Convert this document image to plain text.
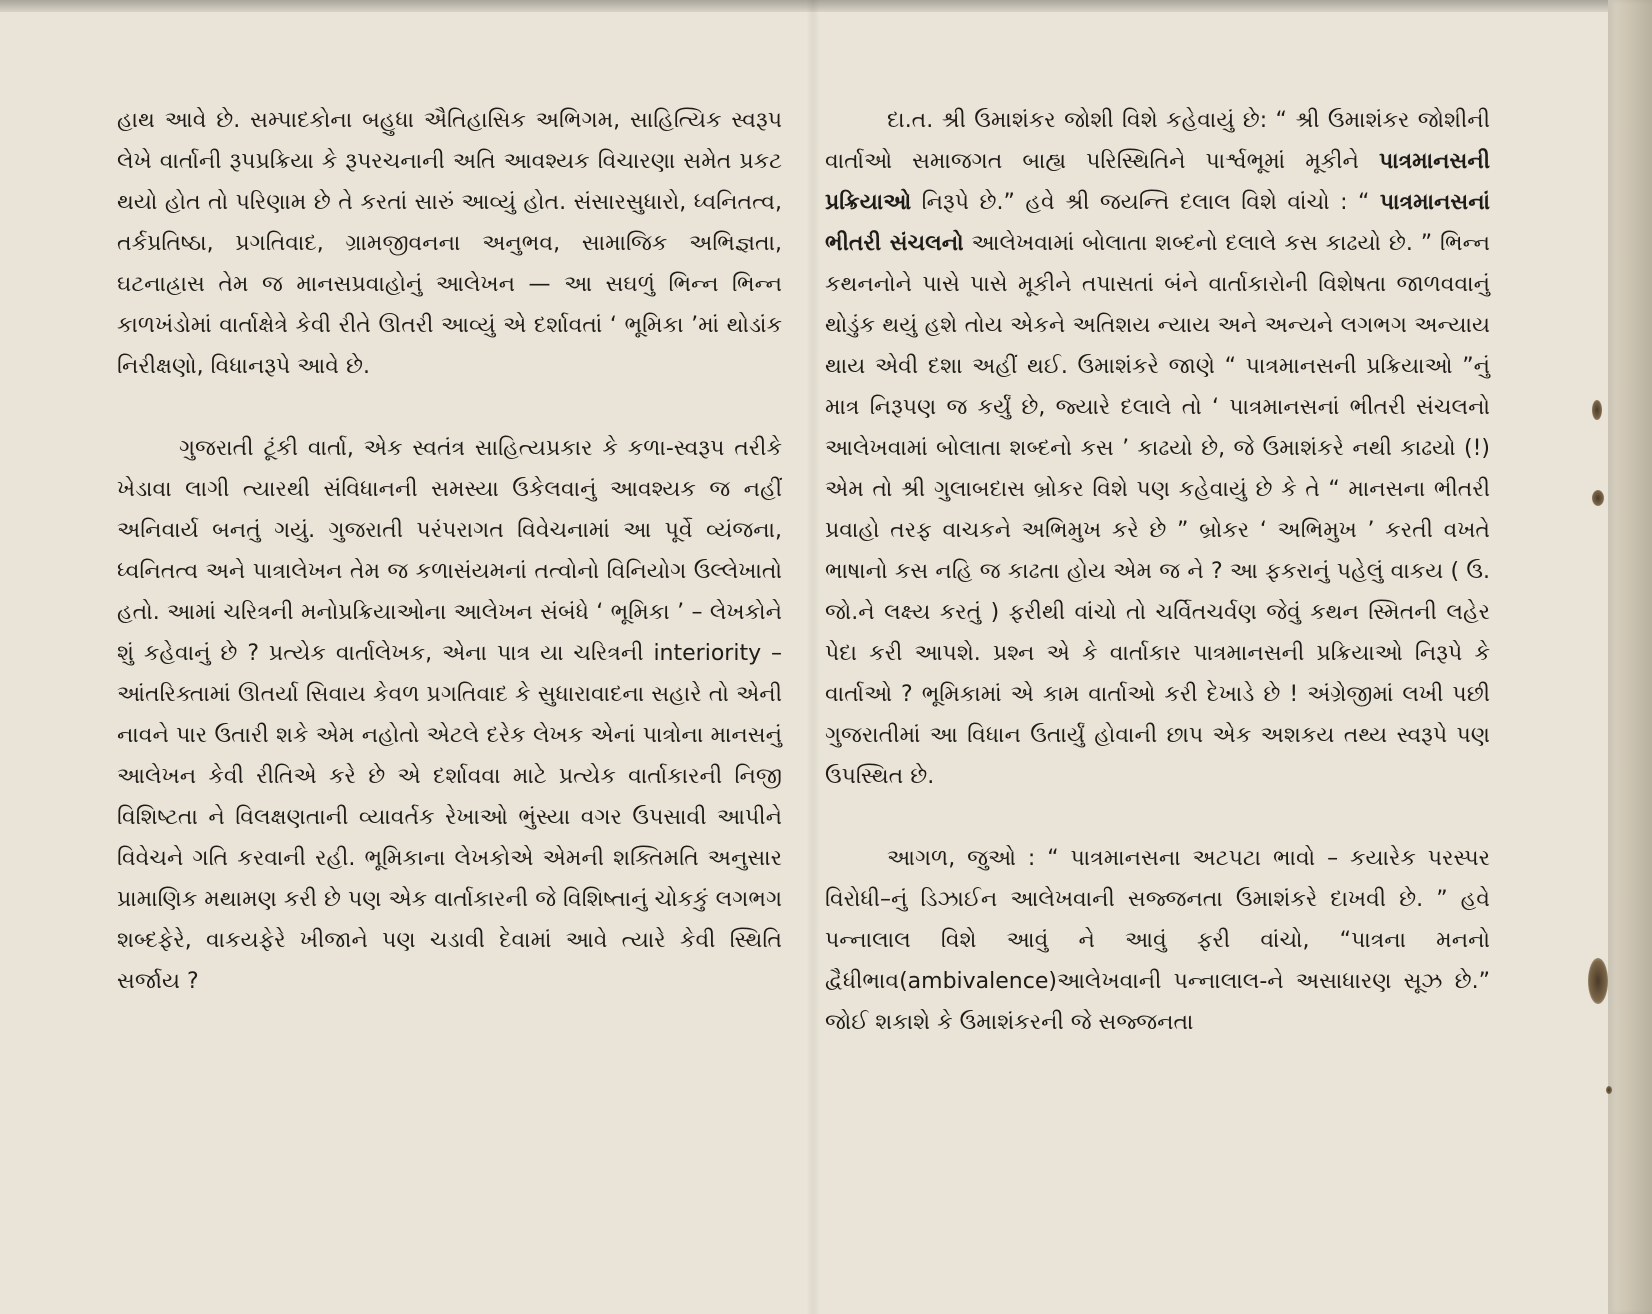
હાથ આવે છે. સમ્પાદકોના બહુધા ઐતિહાસિક અભિગમ, સાહિત્યિક સ્વરૂપ લેખે વાર્તાની રૂપપ્રક્રિયા કે રૂપરચનાની અતિ આવશ્યક વિચારણા સમેત પ્રકટ થયો હોત તો પરિણામ છે તે કરતાં સારું આવ્યું હોત. સંસારસુધારો, ધ્વનિતત્વ, તર્કપ્રતિષ્ઠા, પ્રગતિવાદ, ગ્રામજીવનના અનુભવ, સામાજિક અભિજ્ઞતા, ઘટનાહ્રાસ તેમ જ માનસપ્રવાહોનું આલેખન — આ સઘળું ભિન્ન ભિન્ન કાળખંડોમાં વાર્તાક્ષેત્રે કેવી રીતે ઊતરી આવ્યું એ દર્શાવતાં ‘ ભૂમિકા ’માં થોડાંક નિરીક્ષણો, વિધાનરૂપે આવે છે.

ગુજરાતી ટૂંકી વાર્તા, એક સ્વતંત્ર સાહિત્યપ્રકાર કે કળા-સ્વરૂપ તરીકે ખેડાવા લાગી ત્યારથી સંવિધાનની સમસ્યા ઉકેલવાનું આવશ્યક જ નહીં અનિવાર્ય બનતું ગયું. ગુજરાતી પરંપરાગત વિવેચનામાં આ પૂર્વે વ્યંજના, ધ્વનિતત્વ અને પાત્રાલેખન તેમ જ કળાસંયમનાં તત્વોનો વિનિયોગ ઉલ્લેખાતો હતો. આમાં ચરિત્રની મનોપ્રક્રિયાઓના આલેખન સંબંધે ‘ ભૂમિકા ’ – લેખકોને શું કહેવાનું છે ? પ્રત્યેક વાર્તાલેખક, એના પાત્ર યા ચરિત્રની interiority – આંતરિક્તામાં ઊતર્યા સિવાય કેવળ પ્રગતિવાદ કે સુધારાવાદના સહારે તો એની નાવને પાર ઉતારી શકે એમ નહોતો એટલે દરેક લેખક એનાં પાત્રોના માનસનું આલેખન કેવી રીતિએ કરે છે એ દર્શાવવા માટે પ્રત્યેક વાર્તાકારની નિજી વિશિષ્ટતા ને વિલક્ષણતાની વ્યાવર્તક રેખાઓ ભુંસ્યા વગર ઉપસાવી આપીને વિવેચને ગતિ કરવાની રહી. ભૂમિકાના લેખકોએ એમની શક્તિમતિ અનુસાર પ્રામાણિક મથામણ કરી છે પણ એક વાર્તાકારની જે વિશિષ્તાનું ચોકકું લગભગ શબ્દફેરે, વાકયફેરે ખીજાને પણ ચડાવી દેવામાં આવે ત્યારે કેવી સ્થિતિ સર્જાય ?

દા.ત. શ્રી ઉમાશંકર જોશી વિશે કહેવાયું છે: “ શ્રી ઉમાશંકર જોશીની વાર્તાઓ સમાજગત બાહ્ય પરિસ્થિતિને પાર્શ્વભૂમાં મૂકીને પાત્રમાનસની પ્રક્રિયાઓ નિરૂપે છે.” હવે શ્રી જયન્તિ દલાલ વિશે વાંચો : “ પાત્રમાનસનાં ભીતરી સંચલનો આલેખવામાં બોલાતા શબ્દનો દલાલે કસ કાઢયો છે. ” ભિન્ન કથનનોને પાસે પાસે મૂકીને તપાસતાં બંને વાર્તાકારોની વિશેષતા જાળવવાનું થોડુંક થયું હશે તોય એકને અતિશય ન્યાય અને અન્યને લગભગ અન્યાય થાય એવી દશા અહીં થઈ. ઉમાશંકરે જાણે “ પાત્રમાનસની પ્રક્રિયાઓ ”નું માત્ર નિરૂપણ જ કર્યું છે, જ્યારે દલાલે તો ‘ પાત્રમાનસનાં ભીતરી સંચલનો આલેખવામાં બોલાતા શબ્દનો કસ ’ કાઢયો છે, જે ઉમાશંકરે નથી કાઢયો (!) એમ તો શ્રી ગુલાબદાસ બ્રોકર વિશે પણ કહેવાયું છે કે તે “ માનસના ભીતરી પ્રવાહો તરફ વાચકને અભિમુખ કરે છે ” બ્રોકર ‘ અભિમુખ ’ કરતી વખતે ભાષાનો કસ નહિ જ કાઢતા હોય એમ જ ને ? આ ફકરાનું પહેલું વાકય ( ઉ. જો.ને લક્ષ્ય કરતું ) ફરીથી વાંચો તો ચર્વિતચર્વણ જેવું કથન સ્મિતની લહેર પેદા કરી આપશે. પ્રશ્ન એ કે વાર્તાકાર પાત્રમાનસની પ્રક્રિયાઓ નિરૂપે કે વાર્તાઓ ? ભૂમિકામાં એ કામ વાર્તાઓ કરી દેખાડે છે ! અંગ્રેજીમાં લખી પછી ગુજરાતીમાં આ વિધાન ઉતાર્યું હોવાની છાપ એક અશકય તથ્ય સ્વરૂપે પણ ઉપસ્થિત છે.

આગળ, જુઓ : “ પાત્રમાનસના અટપટા ભાવો – કયારેક પરસ્પર વિરોધી–નું ડિઝાઈન આલેખવાની સજ્જનતા ઉમાશંકરે દાખવી છે. ” હવે પન્નાલાલ વિશે આવું ને આવું ફરી વાંચો, “પાત્રના મનનો દ્વૈધીભાવ(ambivalence)આલેખવાની પન્નાલાલ-ને અસાધારણ સૂઝ છે.” જોઈ શકાશે કે ઉમાશંકરની જે સજ્જનતા
